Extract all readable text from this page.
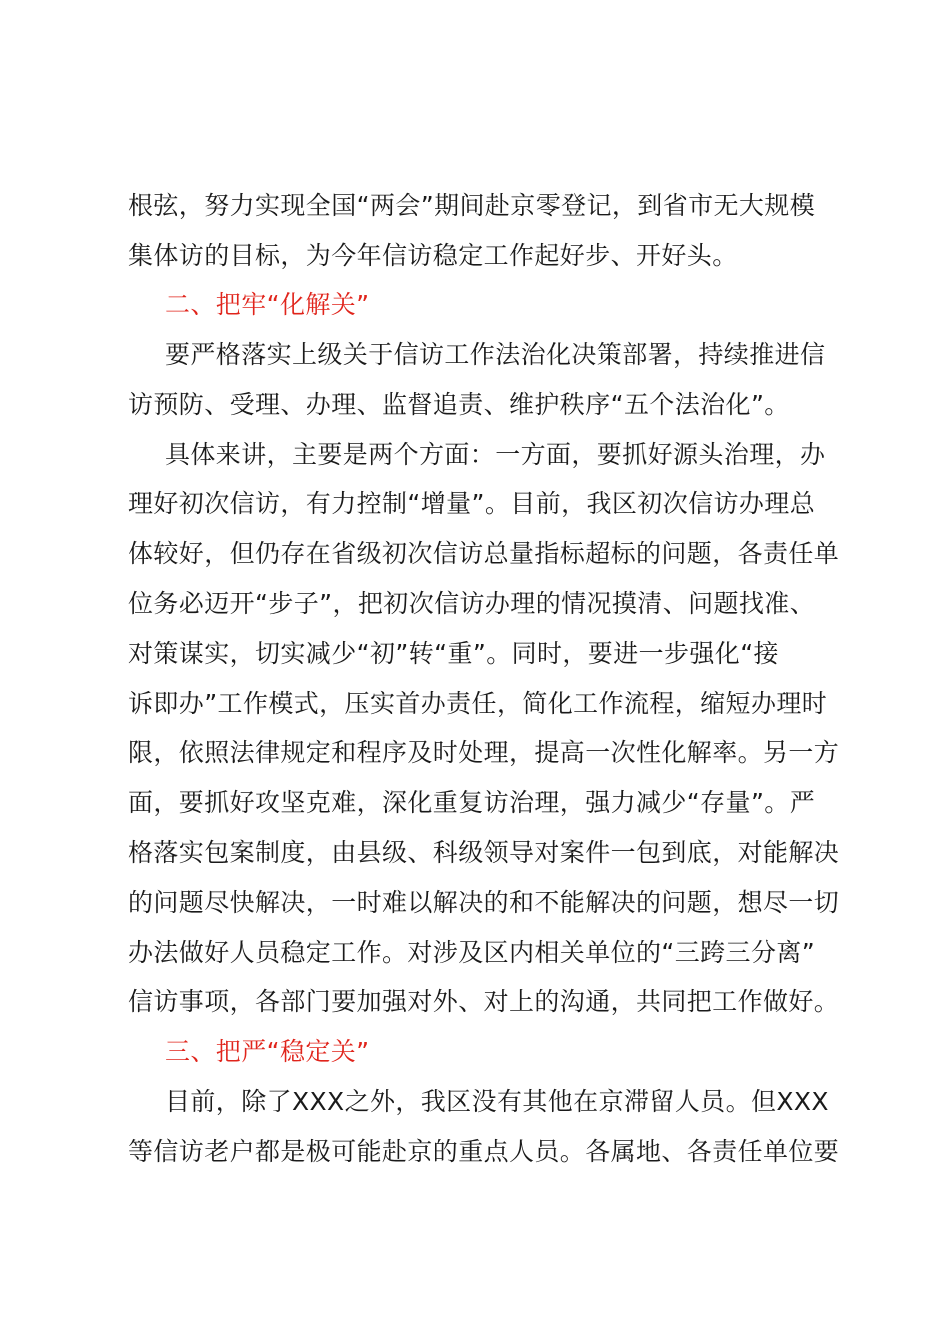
根弦，努力实现全国“两会”期间赴京零登记，到省市无大规模
集体访的目标，为今年信访稳定工作起好步、开好头。
二、把牢“化解关”
要严格落实上级关于信访工作法治化决策部署，持续推进信
访预防、受理、办理、监督追责、维护秩序“五个法治化”。
具体来讲，主要是两个方面：一方面，要抓好源头治理，办
理好初次信访，有力控制“增量”。目前，我区初次信访办理总
体较好，但仍存在省级初次信访总量指标超标的问题，各责任单
位务必迈开“步子”，把初次信访办理的情况摸清、问题找准、
对策谋实，切实减少“初”转“重”。同时，要进一步强化“接
诉即办”工作模式，压实首办责任，简化工作流程，缩短办理时
限，依照法律规定和程序及时处理，提高一次性化解率。另一方
面，要抓好攻坚克难，深化重复访治理，强力减少“存量”。严
格落实包案制度，由县级、科级领导对案件一包到底，对能解决
的问题尽快解决，一时难以解决的和不能解决的问题，想尽一切
办法做好人员稳定工作。对涉及区内相关单位的“三跨三分离”
信访事项，各部门要加强对外、对上的沟通，共同把工作做好。
三、把严“稳定关”
目前，除了XXX之外，我区没有其他在京滞留人员。但XXX
等信访老户都是极可能赴京的重点人员。各属地、各责任单位要
